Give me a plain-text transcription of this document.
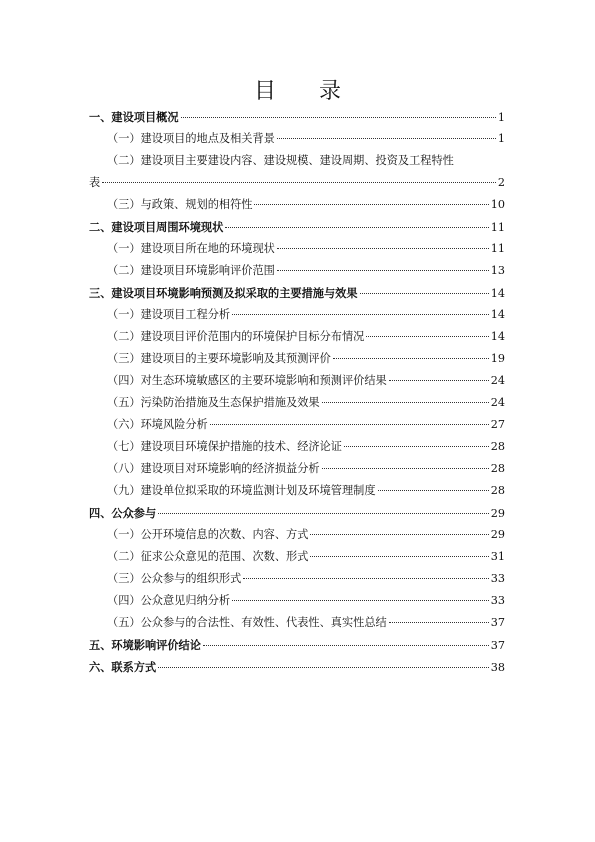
目 录
一、建设项目概况	1
（一）建设项目的地点及相关背景	1
（二）建设项目主要建设内容、建设规模、建设周期、投资及工程特性
表	2
（三）与政策、规划的相符性	10
二、建设项目周围环境现状	11
（一）建设项目所在地的环境现状	11
（二）建设项目环境影响评价范围	13
三、建设项目环境影响预测及拟采取的主要措施与效果	14
（一）建设项目工程分析	14
（二）建设项目评价范围内的环境保护目标分布情况	14
（三）建设项目的主要环境影响及其预测评价	19
（四）对生态环境敏感区的主要环境影响和预测评价结果	24
（五）污染防治措施及生态保护措施及效果	24
（六）环境风险分析	27
（七）建设项目环境保护措施的技术、经济论证	28
（八）建设项目对环境影响的经济损益分析	28
（九）建设单位拟采取的环境监测计划及环境管理制度	28
四、公众参与	29
（一）公开环境信息的次数、内容、方式	29
（二）征求公众意见的范围、次数、形式	31
（三）公众参与的组织形式	33
（四）公众意见归纳分析	33
（五）公众参与的合法性、有效性、代表性、真实性总结	37
五、环境影响评价结论	37
六、联系方式	38
